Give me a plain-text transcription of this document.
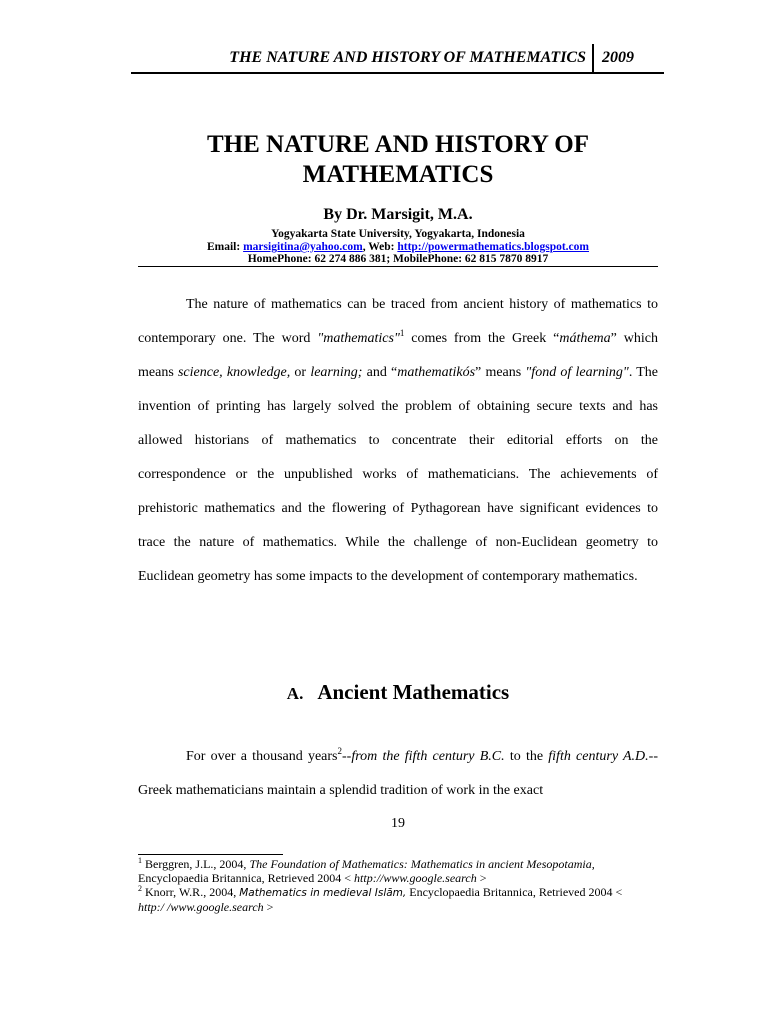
THE NATURE AND HISTORY OF MATHEMATICS 2009
THE NATURE AND HISTORY OF
MATHEMATICS
By Dr. Marsigit, M.A.
Yogyakarta State University, Yogyakarta, Indonesia
Email: marsigitina@yahoo.com, Web: http://powermathematics.blogspot.com
HomePhone: 62 274 886 381; MobilePhone: 62 815 7870 8917

The nature of mathematics can be traced from ancient history of mathematics to contemporary one. The word "mathematics"$^1$ comes from the Greek “máthema” which means science, knowledge, or learning; and “mathematikós” means "fond of learning". The invention of printing has largely solved the problem of obtaining secure texts and has allowed historians of mathematics to concentrate their editorial efforts on the correspondence or the unpublished works of mathematicians. The achievements of prehistoric mathematics and the flowering of Pythagorean have significant evidences to trace the nature of mathematics. While the challenge of non-Euclidean geometry to Euclidean geometry has some impacts to the development of contemporary mathematics.

A. Ancient Mathematics

For over a thousand years$^2$--from the fifth century B.C. to the fifth century A.D.--Greek mathematicians maintain a splendid tradition of work in the exact

19
$^1$ Berggren, J.L., 2004, The Foundation of Mathematics: Mathematics in ancient Mesopotamia,
Encyclopaedia Britannica, Retrieved 2004 < http://www.google.search >
$^2$ Knorr, W.R., 2004, Mathematics in medieval Islām, Encyclopaedia Britannica, Retrieved 2004 <
http:/ /www.google.search >
